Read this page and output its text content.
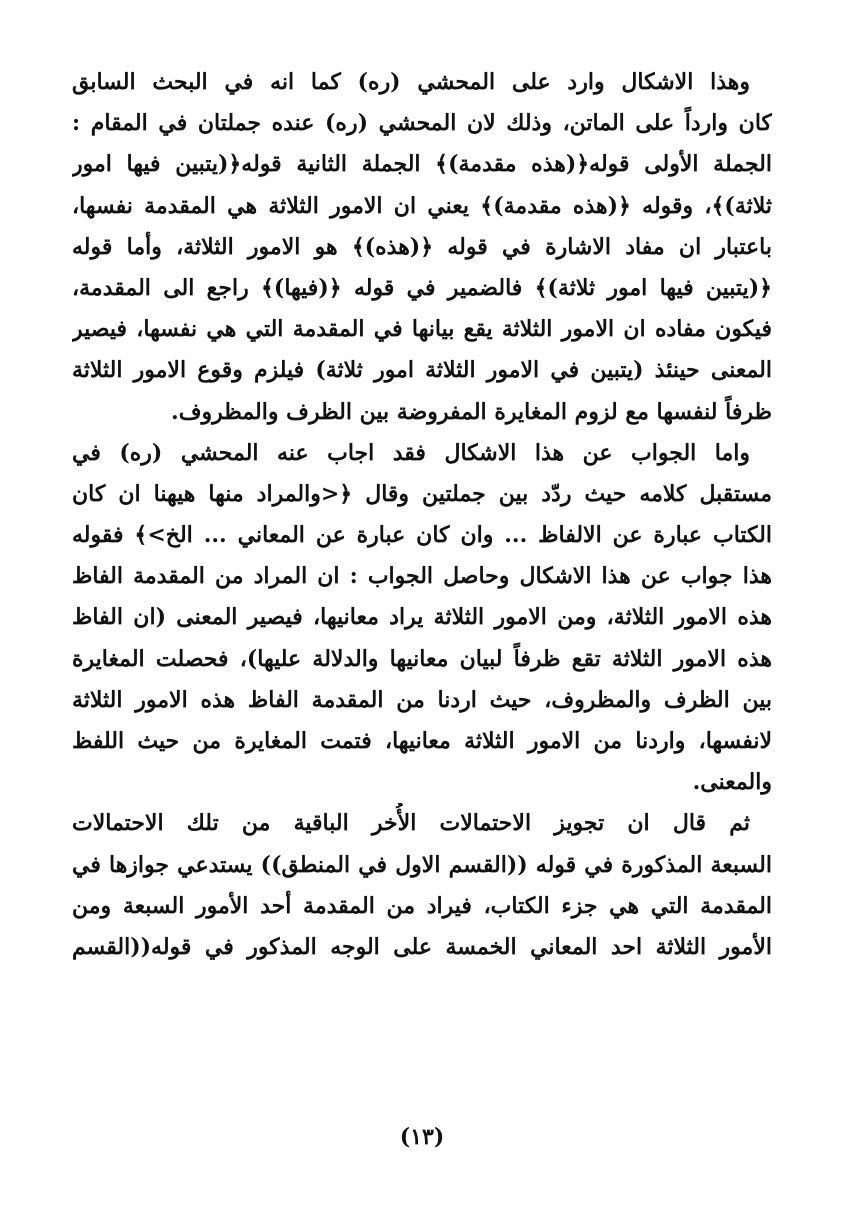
وهذا الاشكال وارد على المحشي (ره) كما انه في البحث السابق
كان وارداً على الماتن، وذلك لان المحشي (ره) عنده جملتان في المقام :
الجملة الأولى قوله﴿(هذه مقدمة)﴾ الجملة الثانية قوله﴿(يتبين فيها امور
ثلاثة)﴾، وقوله ﴿(هذه مقدمة)﴾ يعني ان الامور الثلاثة هي المقدمة نفسها،
باعتبار ان مفاد الاشارة في قوله ﴿(هذه)﴾ هو الامور الثلاثة، وأما قوله
﴿(يتبين فيها امور ثلاثة)﴾ فالضمير في قوله ﴿(فيها)﴾ راجع الى المقدمة،
فيكون مفاده ان الامور الثلاثة يقع بيانها في المقدمة التي هي نفسها، فيصير
المعنى حينئذ (يتبين في الامور الثلاثة امور ثلاثة) فيلزم وقوع الامور الثلاثة
ظرفاً لنفسها مع لزوم المغايرة المفروضة بين الظرف والمظروف.
واما الجواب عن هذا الاشكال فقد اجاب عنه المحشي (ره) في
مستقبل كلامه حيث ردّد بين جملتين وقال ﴿<والمراد منها هيهنا ان كان
الكتاب عبارة عن الالفاظ ... وان كان عبارة عن المعاني ... الخ>﴾ فقوله
هذا جواب عن هذا الاشكال وحاصل الجواب : ان المراد من المقدمة الفاظ
هذه الامور الثلاثة، ومن الامور الثلاثة يراد معانيها، فيصير المعنى (ان الفاظ
هذه الامور الثلاثة تقع ظرفاً لبيان معانيها والدلالة عليها)، فحصلت المغايرة
بين الظرف والمظروف، حيث اردنا من المقدمة الفاظ هذه الامور الثلاثة
لانفسها، واردنا من الامور الثلاثة معانيها، فتمت المغايرة من حيث اللفظ
والمعنى.
ثم قال ان تجويز الاحتمالات الأُخر الباقية من تلك الاحتمالات
السبعة المذكورة في قوله ((القسم الاول في المنطق)) يستدعي جوازها في
المقدمة التي هي جزء الكتاب، فيراد من المقدمة أحد الأمور السبعة ومن
الأمور الثلاثة احد المعاني الخمسة على الوجه المذكور في قوله((القسم
(١٣)
